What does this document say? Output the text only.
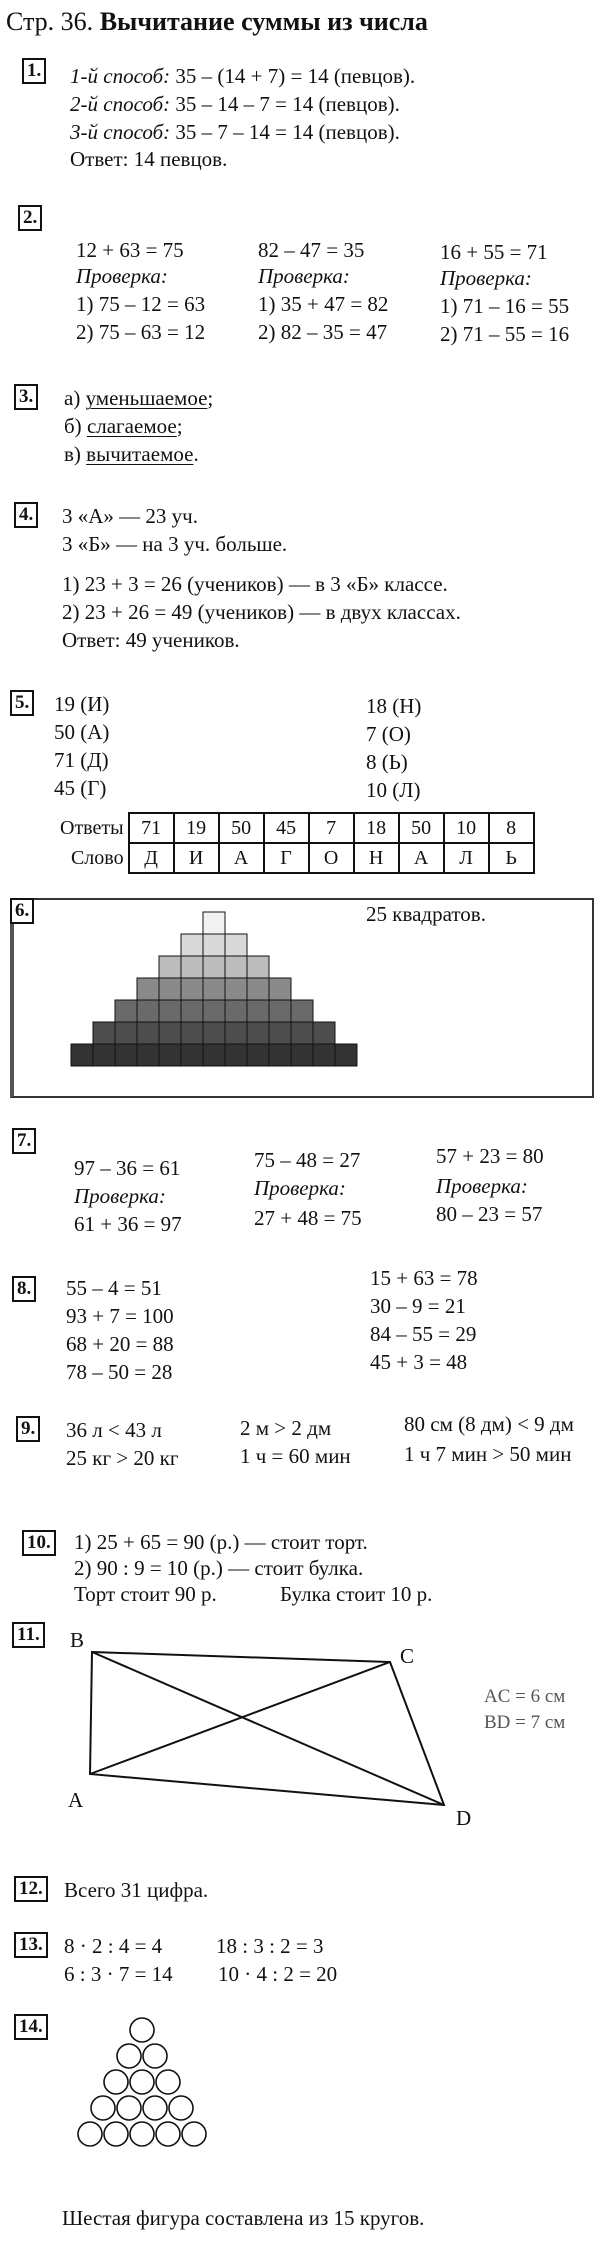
Стр. 36. Вычитание суммы из числа
1. 1-й способ: 35 – (14 + 7) = 14 (певцов).
2-й способ: 35 – 14 – 7 = 14 (певцов).
3-й способ: 35 – 7 – 14 = 14 (певцов).
Ответ: 14 певцов.
2.
12 + 63 = 75
Проверка:
1) 75 – 12 = 63
2) 75 – 63 = 12
82 – 47 = 35
Проверка:
1) 35 + 47 = 82
2) 82 – 35 = 47
16 + 55 = 71
Проверка:
1) 71 – 16 = 55
2) 71 – 55 = 16
3. а) уменьшаемое;
б) слагаемое;
в) вычитаемое.
4. 3 «А» — 23 уч.
3 «Б» — на 3 уч. больше.
1) 23 + 3 = 26 (учеников) — в 3 «Б» классе.
2) 23 + 26 = 49 (учеников) — в двух классах.
Ответ: 49 учеников.
5. 19 (И)
50 (А)
71 (Д)
45 (Г)
18 (Н)
7 (О)
8 (Ь)
10 (Л)
Ответы	71	19	50	45	7	18	50	10	8
Слово	Д	И	А	Г	О	Н	А	Л	Ь
6.	25 квадратов.
7.
97 – 36 = 61
Проверка:
61 + 36 = 97
75 – 48 = 27
Проверка:
27 + 48 = 75
57 + 23 = 80
Проверка:
80 – 23 = 57
8. 55 – 4 = 51
93 + 7 = 100
68 + 20 = 88
78 – 50 = 28
15 + 63 = 78
30 – 9 = 21
84 – 55 = 29
45 + 3 = 48
9. 36 л < 43 л	2 м > 2 дм	80 см (8 дм) < 9 дм
25 кг > 20 кг	1 ч = 60 мин	1 ч 7 мин > 50 мин
10. 1) 25 + 65 = 90 (р.) — стоит торт.
2) 90 : 9 = 10 (р.) — стоит булка.
Торт стоит 90 р.	Булка стоит 10 р.
11. B
C
A
D
AC = 6 см
BD = 7 см
12. Всего 31 цифра.
13. 8 · 2 : 4 = 4	18 : 3 : 2 = 3
6 : 3 · 7 = 14 10 · 4 : 2 = 20
14.
Шестая фигура составлена из 15 кругов.
